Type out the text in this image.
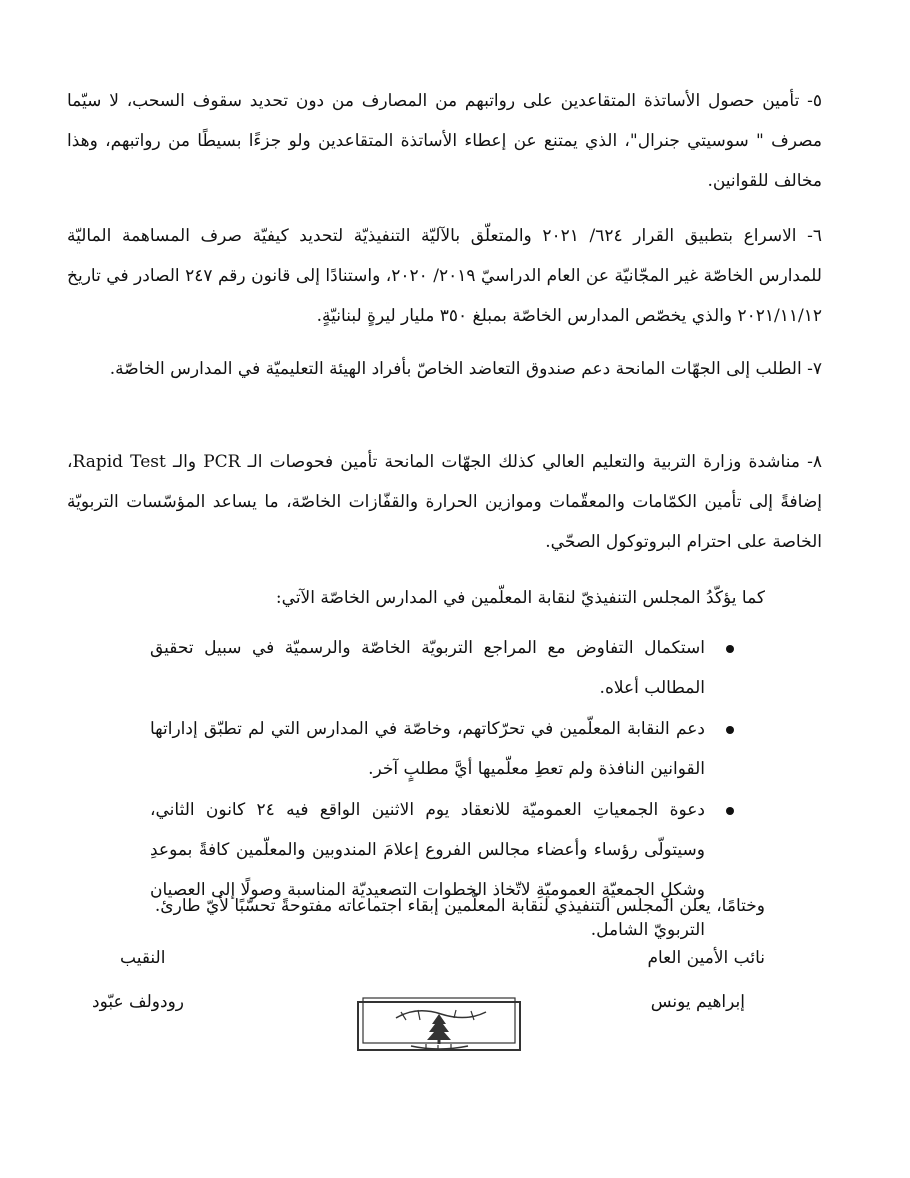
٥- تأمين حصول الأساتذة المتقاعدين على رواتبهم من المصارف من دون تحديد سقوف السحب، لا سيّما مصرف " سوسيتي جنرال"، الذي يمتنع عن إعطاء الأساتذة المتقاعدين ولو جزءًا بسيطًا من رواتبهم، وهذا مخالف للقوانين.

٦- الاسراع بتطبيق القرار ٦٢٤/ ٢٠٢١ والمتعلّق بالآليّة التنفيذيّة لتحديد كيفيّة صرف المساهمة الماليّة للمدارس الخاصّة غير المجّانيّة عن العام الدراسيّ ٢٠١٩/ ٢٠٢٠، واستنادًا إلى قانون رقم ٢٤٧ الصادر في تاريخ ٢٠٢١/١١/١٢ والذي يخصّص المدارس الخاصّة بمبلغ ٣٥٠ مليار ليرةٍ لبنانيّةٍ.

٧- الطلب إلى الجهّات المانحة دعم صندوق التعاضد الخاصّ بأفراد الهيئة التعليميّة في المدارس الخاصّة.

٨- مناشدة وزارة التربية والتعليم العالي كذلك الجهّات المانحة تأمين فحوصات الـ PCR والـ Rapid Test، إضافةً إلى تأمين الكمّامات والمعقّمات وموازين الحرارة والقفّازات الخاصّة، ما يساعد المؤسّسات التربويّة الخاصة على احترام البروتوكول الصحّي.

كما يؤكّدُ المجلس التنفيذيّ لنقابة المعلّمين في المدارس الخاصّة الآتي:

استكمال التفاوض مع المراجع التربويّة الخاصّة والرسميّة في سبيل تحقيق المطالب أعلاه.
دعم النقابة المعلّمين في تحرّكاتهم، وخاصّة في المدارس التي لم تطبّق إداراتها القوانين النافذة ولم تعطِ معلّميها أيَّ مطلبٍ آخر.
دعوة الجمعياتِ العموميّة للانعقاد يوم الاثنين الواقع فيه ٢٤ كانون الثاني، وسيتولّى رؤساء وأعضاء مجالس الفروع إعلامَ المندوبين والمعلّمين كافةً بموعدِ وشكلِ الجمعيّةِ العموميّةِ لاتّخاذ الخطوات التصعيديّة المناسبة وصولًا إلى العصيان التربويّ الشامل.

وختامًا، يعلن المجلس التنفيذي لنقابة المعلّمين إبقاء اجتماعاته مفتوحةً تحسّبًا لأيّ طارئ.

نائب الأمين العام

إبراهيم يونس

النقيب

رودولف عبّود
